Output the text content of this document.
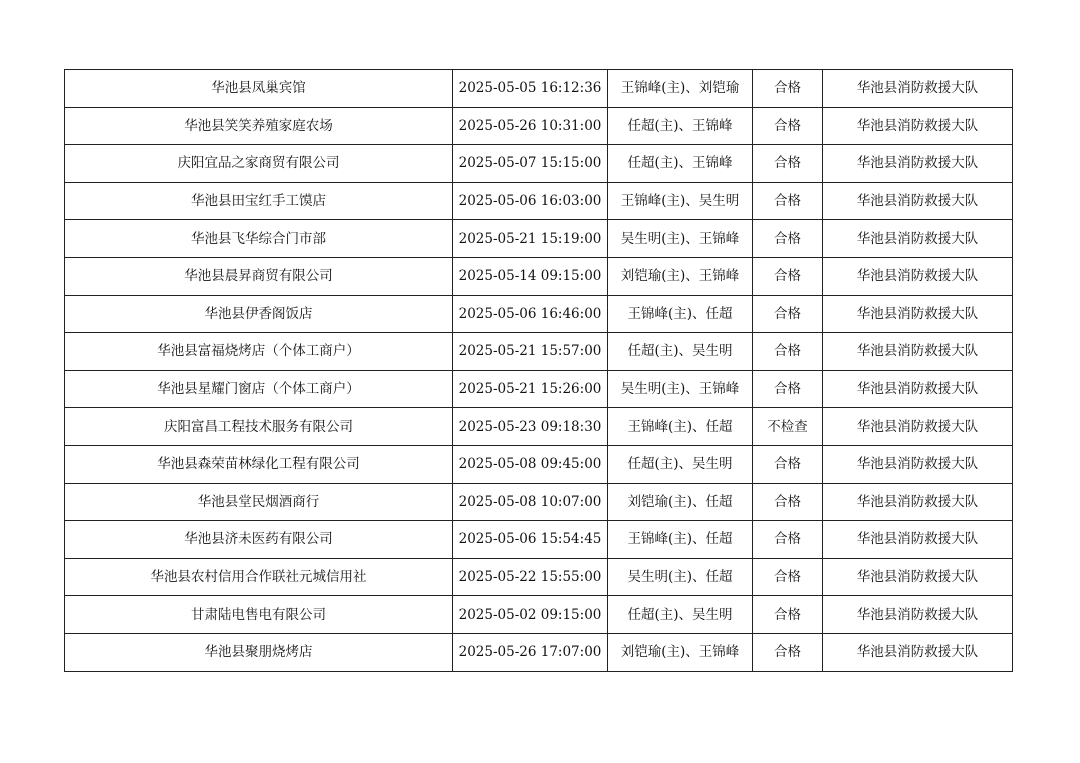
华池县凤巢宾馆	2025-05-05 16:12:36	王锦峰(主)、刘铠瑜	合格	华池县消防救援大队
华池县笑笑养殖家庭农场	2025-05-26 10:31:00	任超(主)、王锦峰	合格	华池县消防救援大队
庆阳宜品之家商贸有限公司	2025-05-07 15:15:00	任超(主)、王锦峰	合格	华池县消防救援大队
华池县田宝红手工馍店	2025-05-06 16:03:00	王锦峰(主)、吴生明	合格	华池县消防救援大队
华池县飞华综合门市部	2025-05-21 15:19:00	吴生明(主)、王锦峰	合格	华池县消防救援大队
华池县晨昇商贸有限公司	2025-05-14 09:15:00	刘铠瑜(主)、王锦峰	合格	华池县消防救援大队
华池县伊香阁饭店	2025-05-06 16:46:00	王锦峰(主)、任超	合格	华池县消防救援大队
华池县富福烧烤店（个体工商户）	2025-05-21 15:57:00	任超(主)、吴生明	合格	华池县消防救援大队
华池县星耀门窗店（个体工商户）	2025-05-21 15:26:00	吴生明(主)、王锦峰	合格	华池县消防救援大队
庆阳富昌工程技术服务有限公司	2025-05-23 09:18:30	王锦峰(主)、任超	不检查	华池县消防救援大队
华池县森荣苗林绿化工程有限公司	2025-05-08 09:45:00	任超(主)、吴生明	合格	华池县消防救援大队
华池县堂民烟酒商行	2025-05-08 10:07:00	刘铠瑜(主)、任超	合格	华池县消防救援大队
华池县济未医药有限公司	2025-05-06 15:54:45	王锦峰(主)、任超	合格	华池县消防救援大队
华池县农村信用合作联社元城信用社	2025-05-22 15:55:00	吴生明(主)、任超	合格	华池县消防救援大队
甘肃陆电售电有限公司	2025-05-02 09:15:00	任超(主)、吴生明	合格	华池县消防救援大队
华池县聚朋烧烤店	2025-05-26 17:07:00	刘铠瑜(主)、王锦峰	合格	华池县消防救援大队
